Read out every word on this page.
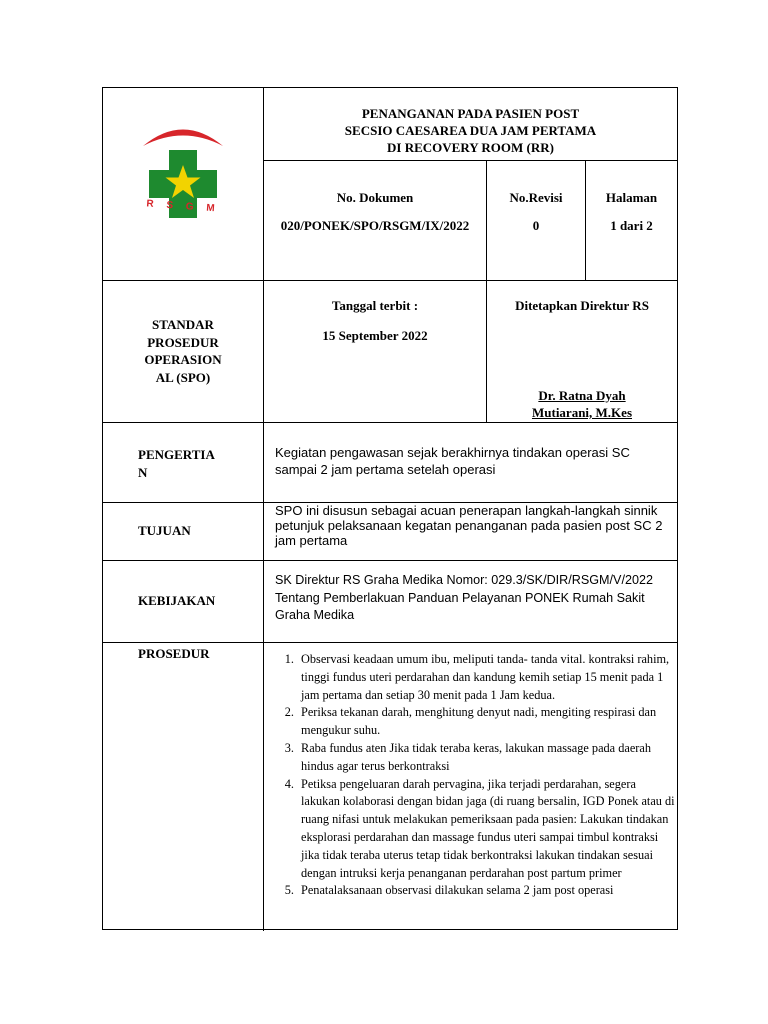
R S G M
PENANGANAN PADA PASIEN POST
SECSIO CAESAREA DUA JAM PERTAMA
DI RECOVERY ROOM (RR)
No. Dokumen
020/PONEK/SPO/RSGM/IX/2022
No.Revisi
0
Halaman
1 dari 2
STANDAR
PROSEDUR
OPERASION
AL (SPO)
Tanggal terbit :
15 September 2022
Ditetapkan Direktur RS
Dr. Ratna Dyah
Mutiarani, M.Kes
PENGERTIA
N
Kegiatan pengawasan sejak berakhirnya tindakan operasi SC sampai 2 jam pertama setelah operasi
TUJUAN
SPO ini disusun sebagai acuan penerapan langkah-langkah sinnik petunjuk pelaksanaan kegatan penanganan pada pasien post SC 2 jam pertama
KEBIJAKAN
SK Direktur RS Graha Medika Nomor: 029.3/SK/DIR/RSGM/V/2022 Tentang Pemberlakuan Panduan Pelayanan PONEK Rumah Sakit Graha Medika
PROSEDUR
1.	Observasi keadaan umum ibu, meliputi tanda- tanda vital. kontraksi rahim, tinggi fundus uteri perdarahan dan kandung kemih setiap 15 menit pada 1 jam pertama dan setiap 30 menit pada 1 Jam kedua.
2. Periksa tekanan darah, menghitung denyut nadi, mengiting respirasi dan mengukur suhu.
3. Raba fundus aten Jika tidak teraba keras, lakukan massage pada daerah hindus agar terus berkontraksi
4. Petiksa pengeluaran darah pervagina, jika terjadi perdarahan, segera lakukan kolaborasi dengan bidan jaga (di ruang bersalin, IGD Ponek atau di ruang nifasi untuk melakukan pemeriksaan pada pasien: Lakukan tindakan eksplorasi perdarahan dan massage fundus uteri sampai timbul kontraksi jika tidak teraba uterus tetap tidak berkontraksi lakukan tindakan sesuai dengan intruksi kerja penanganan perdarahan post partum primer
5. Penatalaksanaan observasi dilakukan selama 2 jam post operasi
